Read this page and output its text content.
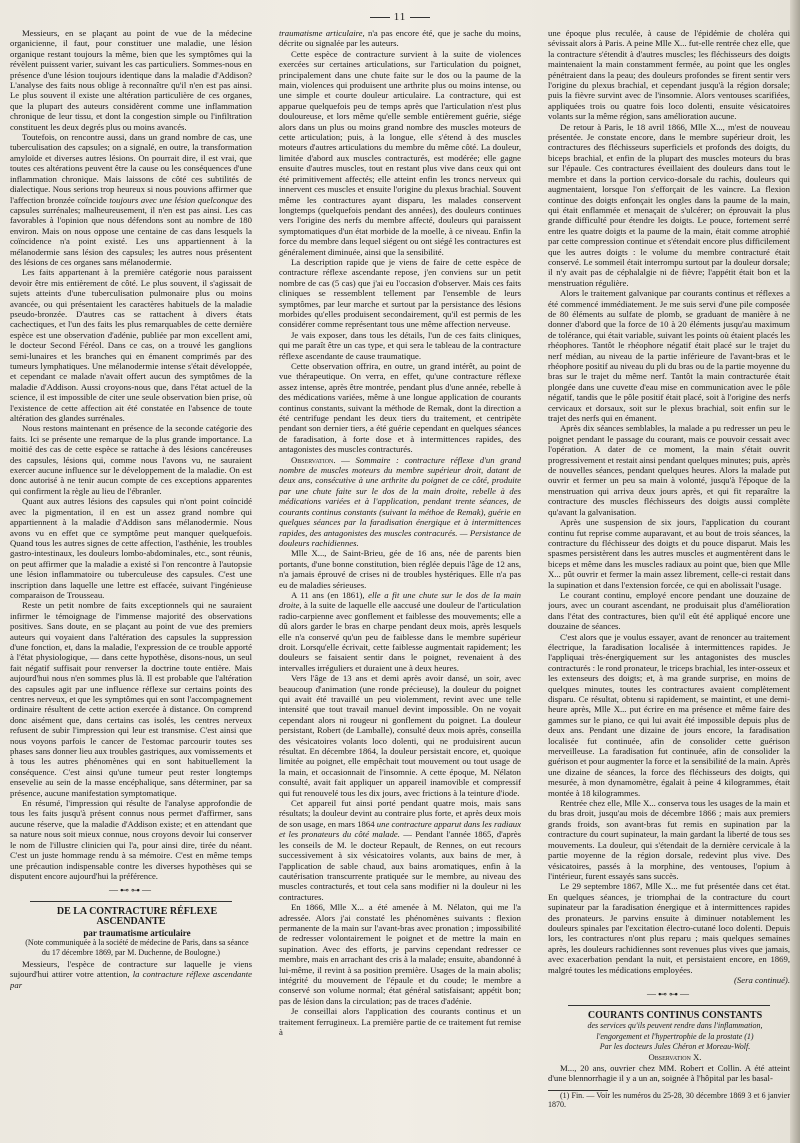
11

Messieurs, en se plaçant au point de vue de la médecine organicienne, il faut, pour constituer une maladie, une lésion organique restant toujours la même, bien que les symptômes qui la révèlent puissent varier, suivant les cas particuliers. Sommes-nous en présence d'une lésion toujours identique dans la maladie d'Addison? L'analyse des faits nous oblige à reconnaître qu'il n'en est pas ainsi. Le plus souvent il existe une altération particulière de ces organes, que la plupart des auteurs considèrent comme une inflammation chronique de leur tissu, et dont la congestion simple ou l'infiltration constituent les deux degrés plus ou moins avancés.

Toutefois, on rencontre aussi, dans un grand nombre de cas, une tuberculisation des capsules; on a signalé, en outre, la transformation amyloïde et diverses autres lésions. On pourrait dire, il est vrai, que toutes ces altérations peuvent être la cause ou les conséquences d'une inflammation chronique. Mais laissons de côté ces subtilités de dialectique. Nous serions trop heureux si nous pouvions affirmer que l'affection bronzée coïncide toujours avec une lésion quelconque des capsules surrénales; malheureusement, il n'en est pas ainsi. Les cas favorables à l'opinion que nous défendons sont au nombre de 180 environ. Mais on nous oppose une centaine de cas dans lesquels la coïncidence n'a point existé. Les uns appartiennent à la mélanodermie sans lésion des capsules; les autres nous présentent des lésions de ces organes sans mélanodermie.

Les faits appartenant à la première catégorie nous paraissent devoir être mis entièrement de côté. Le plus souvent, il s'agissait de sujets atteints d'une tuberculisation pulmonaire plus ou moins avancée, ou qui présentaient les caractères habituels de la maladie pseudo-bronzée. D'autres cas se rattachent à divers états cachectiques, et l'un des faits les plus remarquables de cette dernière espèce est une observation d'adénie, publiée par mon excellent ami, le docteur Second Féréol. Dans ce cas, on a trouvé les ganglions semi-lunaires et les branches qui en émanent comprimés par des tumeurs lymphatiques. Une mélanodermie intense s'était développée, et cependant ce malade n'avait offert aucun des symptômes de la maladie d'Addison. Aussi croyons-nous que, dans l'état actuel de la science, il est impossible de citer une seule observation bien prise, où l'existence de cette affection ait été constatée en l'absence de toute altération des glandes surrénales.

Nous restons maintenant en présence de la seconde catégorie des faits. Ici se présente une remarque de la plus grande importance. La moitié des cas de cette espèce se rattache à des lésions cancéreuses des capsules, lésions qui, comme nous l'avons vu, ne sauraient exercer aucune influence sur le développement de la maladie. On est donc autorisé à ne tenir aucun compte de ces exceptions apparentes qui confirment la règle au lieu de l'ébranler.

Quant aux autres lésions des capsules qui n'ont point coïncidé avec la pigmentation, il en est un assez grand nombre qui appartiennent à la maladie d'Addison sans mélanodermie. Nous avons vu en effet que ce symptôme peut manquer quelquefois. Quand tous les autres signes de cette affection, l'asthénie, les troubles gastro-intestinaux, les douleurs lombo-abdominales, etc., sont réunis, on peut affirmer que la maladie a existé si l'on rencontre à l'autopsie une lésion inflammatoire ou tuberculeuse des capsules. C'est une inscription dans laquelle une lettre est effacée, suivant l'ingénieuse comparaison de Trousseau.

Reste un petit nombre de faits exceptionnels qui ne sauraient infirmer le témoignage de l'immense majorité des observations positives. Sans doute, en se plaçant au point de vue des premiers auteurs qui voyaient dans l'altération des capsules la suppression d'une fonction, et, dans la maladie, l'expression de ce trouble apporté à l'état physiologique, — dans cette hypothèse, disons-nous, un seul fait négatif suffisait pour renverser la doctrine toute entière. Mais aujourd'hui nous n'en sommes plus là. Il est probable que l'altération des capsules agit par une influence réflexe sur certains points des centres nerveux, et que les symptômes qui en sont l'accompagnement ordinaire résultent de cette action exercée à distance. On comprend donc aisément que, dans certains cas isolés, les centres nerveux refusent de subir l'impression qui leur est transmise. C'est ainsi que nous voyons parfois le cancer de l'estomac parcourir toutes ses phases sans donner lieu aux troubles gastriques, aux vomissements et à tous les autres phénomènes qui en sont habituellement la conséquence. C'est ainsi qu'une tumeur peut rester longtemps ensevelie au sein de la masse encéphalique, sans déterminer, par sa présence, aucune manifestation symptomatique.

En résumé, l'impression qui résulte de l'analyse approfondie de tous les faits jusqu'à présent connus nous permet d'affirmer, sans aucune réserve, que la maladie d'Addison existe; et en attendant que sa nature nous soit mieux connue, nous croyons devoir lui conserver le nom de l'illustre clinicien qui l'a, pour ainsi dire, tirée du néant. C'est un juste hommage rendu à sa mémoire. C'est en même temps une précaution indispensable contre les diverses hypothèses qui se disputent encore aujourd'hui la préférence.

—⊷⊶—

DE LA CONTRACTURE RÉFLEXE ASCENDANTE

par traumatisme articulaire

(Note communiquée à la société de médecine de Paris, dans sa séance du 17 décembre 1869, par M. Duchenne, de Boulogne.)

Messieurs, l'espèce de contracture sur laquelle je viens sujourd'hui attirer votre attention, la contracture réflexe ascendante par

traumatisme articulaire, n'a pas encore été, que je sache du moins, décrite ou signalée par les auteurs.

Cette espèce de contracture survient à la suite de violences exercées sur certaines articulations, sur l'articulation du poignet, principalement dans une chute faite sur le dos ou la paume de la main, violences qui produisent une arthrite plus ou moins intense, ou une simple et courte douleur articulaire. La contracture, qui est apparue quelquefois peu de temps après que l'articulation n'est plus douloureuse, et lors même qu'elle semble entièrement guérie, siége alors dans un plus ou moins grand nombre des muscles moteurs de cette articulation; puis, à la longue, elle s'étend à des muscles moteurs d'autres articulations du membre du même côté. La douleur, limitée d'abord aux muscles contracturés, est modérée; elle gagne ensuite d'autres muscles, tout en restant plus vive dans ceux qui ont été primitivement affectés; elle atteint enfin les troncs nerveux qui innervent ces muscles et ensuite l'origine du plexus brachial. Souvent même les contractures ayant disparu, les malades conservent longtemps (quelquefois pendant des années), des douleurs continues vers l'origine des nerfs du membre affecté, douleurs qui paraissent symptomatiques d'un état morbide de la moelle, à ce niveau. Enfin la force du membre dans lequel siégent ou ont siégé les contractures est généralement diminuée, ainsi que la sensibilité.

La description rapide que je viens de faire de cette espèce de contracture réflexe ascendante repose, j'en conviens sur un petit nombre de cas (5 cas) que j'ai eu l'occasion d'observer. Mais ces faits cliniques se ressemblent tellement par l'ensemble de leurs symptômes, par leur marche et surtout par la persistance des lésions morbides qu'elles produisent secondairement, qu'il est permis de les considérer comme représentant tous une même affection nerveuse.

Je vais exposer, dans tous les détails, l'un de ces faits cliniques, qui me paraît être un cas type, et qui sera le tableau de la contracture réflexe ascendante de cause traumatique.

Cette observation offrira, en outre, un grand intérêt, au point de vue thérapeutique. On verra, en effet, qu'une contracture réflexe assez intense, après être montrée, pendant plus d'une année, rebelle à des médications variées, même à une longue application de courants continus constants, suivant la méthode de Remak, dont la direction a été centrifuge pendant les deux tiers du traitement, et centripète pendant son dernier tiers, a été guérie cependant en quelques séances de faradisation, à forte dose et à intermittences rapides, des antagonistes des muscles contracturés.

Observation. — Sommaire : contracture réflexe d'un grand nombre de muscles moteurs du membre supérieur droit, datant de deux ans, consécutive à une arthrite du poignet de ce côté, produite par une chute faite sur le dos de la main droite, rebelle à des médications variées et à l'application, pendant trente séances, de courants continus constants (suivant la méthoe de Remak), guérie en quelques séances par la faradisation énergique et à intermittences rapides, des antagonistes des muscles contracurés. — Persistance de douleurs rachidiennes.

Mlle X..., de Saint-Brieu, gée de 16 ans, née de parents bien portants, d'une bonne constitution, bien réglée depuis l'âge de 12 ans, n'a jamais éprouvé de crises ni de troubles hystériques. Elle n'a pas eu de maladies sérieuses.

A 11 ans (en 1861), elle a fit une chute sur le dos de la main droite, à la suite de laquelle elle aaccusé une douleur de l'articulation radio-carpienne avec gonflement et faiblesse des mouvements; elle a dû alors garder le bras en charpe pendant deux mois, après lesquels elle n'a conservé qu'un peu de faiblesse dans le membre supérieur droit. Lorsqu'elle écrivait, cette faiblesse augmentait rapidement; les douleurs se faisaient sentir dans le poignet, revenaient à des intervalles irréguliers et duraient une à deux heures.

Vers l'âge de 13 ans et demi après avoir dansé, un soir, avec beaucoup d'animation (une ronde précieuse), la douleur du poignet qui avait été travaillé un peu violemment, revint avec une telle intensité que tout travail manuel devint impossible. On ne voyait cependant alors ni rougeur ni gonflement du poignet. La douleur persistant, Robert (de Lamballe), consulté deux mois après, conseilla des vésicatoires volants loco dolenti, qui ne produisirent aucun résultat. En décembre 1864, la douleur persistait encore, et, quoique limitée au poignet, elle empêchait tout mouvement ou tout usage de la main, et occasionnait de l'insomnie. A cette époque, M. Nélaton consulté, avait fait appliquer un appareil inamovible et compressif qui fut renouvelé tous les dix jours, avec frictions à la teinture d'iode.

Cet appareil fut ainsi porté pendant quatre mois, mais sans résultats; la douleur devint au contraire plus forte, et après deux mois de son usage, en mars 1864 une contracture apparut dans les radiaux et les pronateurs du côté malade. — Pendant l'année 1865, d'après les conseils de M. le docteur Repault, de Rennes, on eut recours successivement à six vésicatoires volants, aux bains de mer, à l'application de sable chaud, aux bains aromatiques, enfin à la cautérisation transcurrente pratiquée sur le membre, au niveau des muscles contracturés, et tout cela sans modifier ni la douleur ni les contractures.

En 1866, Mlle X... a été amenée à M. Nélaton, qui me l'a adressée. Alors j'ai constaté les phénomènes suivants : flexion permanente de la main sur l'avant-bras avec pronation ; impossibilité de redresser volontairement le poignet et de mettre la main en supination. Avec des efforts, je parvins cependant redresser ce membre, mais en arrachant des cris à la malade; ensuite, abandonné à lui-même, il revint à sa position première. Usages de la main abolis; intégrité du mouvement de l'épaule et du coude; le membre a conservé son volume normal; état général satisfaisant; appétit bon; pas de lésion dans la circulation; pas de traces d'adénie.

Je conseillai alors l'application des courants continus et un traitement ferrugineux. La première partie de ce traitement fut remise à

une époque plus reculée, à cause de l'épidémie de choléra qui sévissait alors à Paris. A peine Mlle X... fut-elle rentrée chez elle, que la contracture s'étendit à d'autres muscles; les fléchisseurs des doigts maintenaient la main constamment fermée, au point que les ongles pénétraient dans la peau; des douleurs profondes se firent sentir vers l'origine du plexus brachial, et cependant jusqu'à la région dorsale; puis la fièvre survint avec de l'insomnie. Alors ventouses scarifiées, appliquées trois ou quatre fois loco dolenti, ensuite vésicatoires volants sur la même région, sans amélioration aucune.

De retour à Paris, le 18 avril 1866, Mlle X..., m'est de nouveau présentée. Je constate encore, dans le membre supérieur droit, les contractures des fléchisseurs superficiels et profonds des doigts, du biceps brachial, et enfin de la plupart des muscles moteurs du bras sur l'épaule. Ces contractures éveillaient des douleurs dans tout le membre et dans la portion cervico-dorsale du rachis, douleurs qui augmentaient, lorsque l'on s'efforçait de les vaincre. La flexion continue des doigts enfonçait les ongles dans la paume de la main, qui était enflammée et menaçait de s'ulcérer; on éprouvait la plus grande difficulté pour étendre les doigts. Le pouce, fortement serré entre les quatre doigts et la paume de la main, était comme atrophié par cette compression continue et s'étendait encore plus difficilement que les autres doigts : le volume du membre contracturé était conservé. Le sommeil était interrompu surtout par la douleur dorsale; il n'y avait pas de céphalalgie ni de fièvre; l'appétit était bon et la menstruation régulière.

Alors le traitement galvanique par courants continus et réflexes a été commencé immédiatement. Je me suis servi d'une pile composée de 80 éléments au sulfate de plomb, se graduant de manière à ne donner d'abord que la force de 10 à 20 éléments jusqu'au maximum de tolérance, qui était variable, suivant les points où étaient placés les rhéophores. Tantôt le rhéophore négatif était placé sur le trajet du nerf médian, au niveau de la partie inférieure de l'avant-bras et le rhéophore positif au niveau du pli du bras ou de la partie moyenne du bras sur le trajet du même nerf. Tantôt la main contracturée était plongée dans une cuvette d'eau mise en communication avec le pôle négatif, tandis que le pôle positif était placé, soit à l'origine des nerfs cervicaux et dorsaux, soit sur le plexus brachial, soit enfin sur le trajet des nerfs qui en émanent.

Après dix séances semblables, la malade a pu redresser un peu le poignet pendant le passage du courant, mais ce pouvoir cessait avec l'opération. A dater de ce moment, la main s'était ouvrit progressivement et restait ainsi pendant quelques minutes; puis, après de nouvelles séances, pendant quelques heures. Alors la malade put ouvrir et fermer un peu sa main à volonté, jusqu'à l'époque de la menstruation qui arriva deux jours après, et qui fit reparaître la contracture des muscles fléchisseurs des doigts aussi complète qu'avant la galvanisation.

Après une suspension de six jours, l'application du courant continu fut reprise comme auparavant, et au bout de trois séances, la contracture du fléchisseur des doigts et du pouce disparut. Mais les spasmes persistèrent dans les autres muscles et augmentèrent dans le biceps et même dans les muscles radiaux au point que, bien que Mlle X... pût ouvrir et fermer la main assez librement, celle-ci restait dans la supination et dans l'extension forcée, ce qui en abolissait l'usage.

Le courant continu, employé encore pendant une douzaine de jours, avec un courant ascendant, ne produisait plus d'amélioration dans l'état des contractures, bien qu'il eût été appliqué encore une douzaine de séances.

C'est alors que je voulus essayer, avant de renoncer au traitement électrique, la faradisation localisée à intermittences rapides. Je l'appliquai très-énergiquement sur les antagonistes des muscles contracturés : le rond pronateur, le triceps brachial, les inter-osseux et les extenseurs des doigts; et, à ma grande surprise, en moins de quelques minutes, toutes les contractures avaient complètement disparu. Ce résultat, obtenu si rapidement, se maintint, et une demi-heure après, Mlle X... put écrire en ma présence et même faire des gammes sur le piano, ce qui lui avait été impossible depuis plus de deux ans. Pendant une dizaine de jours encore, la faradisation localisée fut continuée, afin de consolider cette guérison merveilleuse. La faradisation fut continuée, afin de consolider la guérison et pour augmenter la force et la sensibilité de la main. Après une dizaine de séances, la force des fléchisseurs des doigts, qui mesurée, à mon dynamomètre, égalait à peine 4 kilogrammes, était montée à 18 kilogrammes.

Rentrée chez elle, Mlle X... conserva tous les usages de la main et du bras droit, jusqu'au mois de décembre 1866 ; mais aux premiers grands froids, son avant-bras fut remis en supination par la contracture du court supinateur, la main gardant la liberté de tous ses mouvements. La douleur, qui s'étendait de la dernière cervicale à la partie moyenne de la région dorsale, redevint plus vive. Des vésicatoires, passés à la morphine, des ventouses, l'opium à l'intérieur, furent essayés sans succès.

Le 29 septembre 1867, Mlle X... me fut présentée dans cet état. En quelques séances, je triomphai de la contracture du court supinateur par la faradisation énergique et à intermittences rapides des pronateurs. Je parvins ensuite à diminuer notablement les douleurs spinales par l'excitation électro-cutané loco dolenti. Depuis lors, les contractures n'ont plus reparu ; mais quelques semaines après, les douleurs rachidiennes sont revenues plus vives que jamais, avec exacerbation pendant la nuit, et persistaient encore, en 1869, malgré toutes les médications employées.

(Sera continué).

—⊷⊶—

COURANTS CONTINUS CONSTANTS

des services qu'ils peuvent rendre dans l'inflammation,

l'engorgement et l'hypertrophie de la prostate (1)

Par les docteurs Jules Chéron et Moreau-Wolf.

Observation X.

M..., 20 ans, ouvrier chez MM. Robert et Collin. A été atteint d'une blennorrhagie il y a un an, soignée à l'hôpital par les basal-

(1) Fin. — Voir les numéros du 25-28, 30 décembre 1869 3 et 6 janvier 1870.
